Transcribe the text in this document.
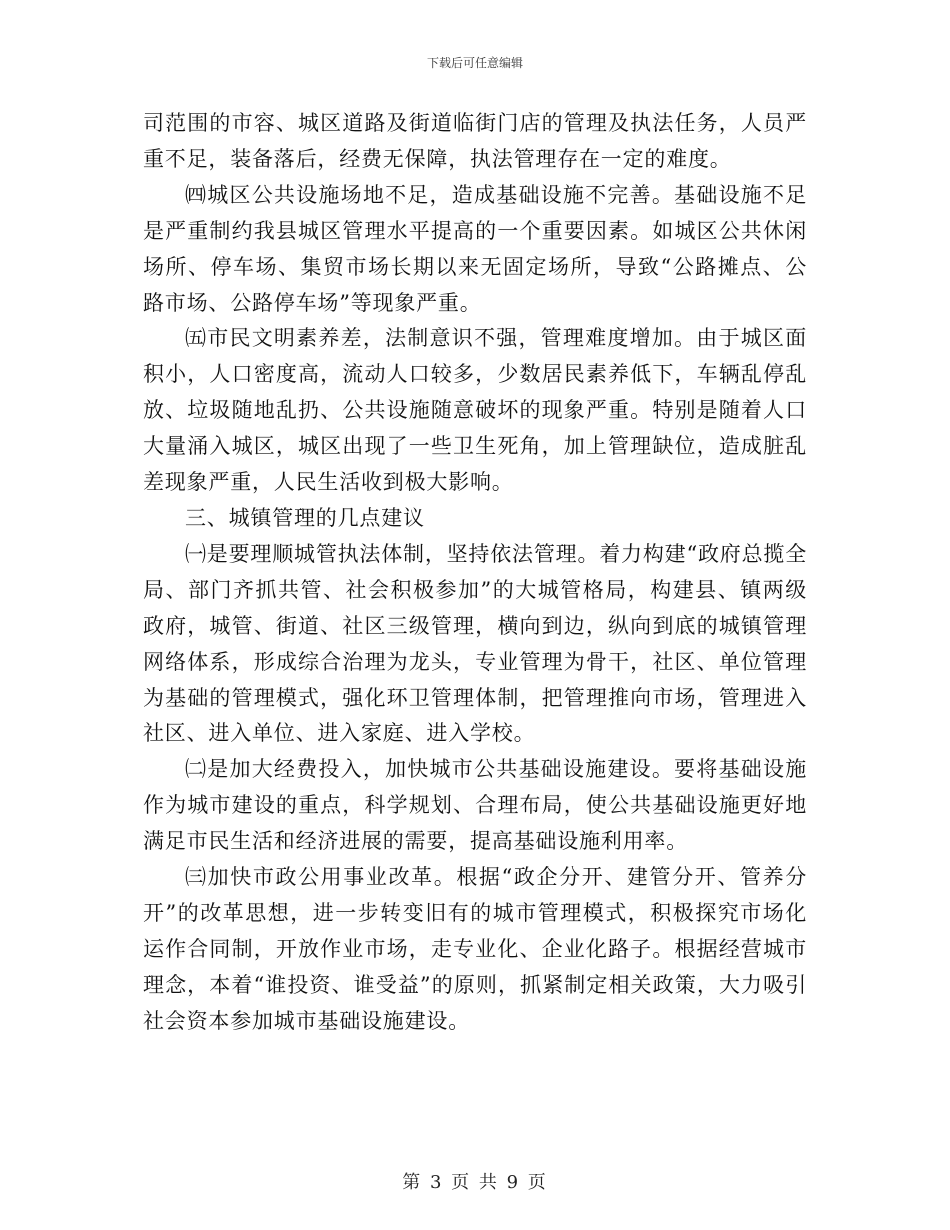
下载后可任意编辑

司范围的市容、城区道路及街道临街门店的管理及执法任务，人员严重不足，装备落后，经费无保障，执法管理存在一定的难度。

㈣城区公共设施场地不足，造成基础设施不完善。基础设施不足是严重制约我县城区管理水平提高的一个重要因素。如城区公共休闲场所、停车场、集贸市场长期以来无固定场所，导致“公路摊点、公路市场、公路停车场”等现象严重。

㈤市民文明素养差，法制意识不强，管理难度增加。由于城区面积小，人口密度高，流动人口较多，少数居民素养低下，车辆乱停乱放、垃圾随地乱扔、公共设施随意破坏的现象严重。特别是随着人口大量涌入城区，城区出现了一些卫生死角，加上管理缺位，造成脏乱差现象严重，人民生活收到极大影响。

三、城镇管理的几点建议

㈠是要理顺城管执法体制，坚持依法管理。着力构建“政府总揽全局、部门齐抓共管、社会积极参加”的大城管格局，构建县、镇两级政府，城管、街道、社区三级管理，横向到边，纵向到底的城镇管理网络体系，形成综合治理为龙头，专业管理为骨干，社区、单位管理为基础的管理模式，强化环卫管理体制，把管理推向市场，管理进入社区、进入单位、进入家庭、进入学校。

㈡是加大经费投入，加快城市公共基础设施建设。要将基础设施作为城市建设的重点，科学规划、合理布局，使公共基础设施更好地满足市民生活和经济进展的需要，提高基础设施利用率。

㈢加快市政公用事业改革。根据“政企分开、建管分开、管养分开”的改革思想，进一步转变旧有的城市管理模式，积极探究市场化运作合同制，开放作业市场，走专业化、企业化路子。根据经营城市理念，本着“谁投资、谁受益”的原则，抓紧制定相关政策，大力吸引社会资本参加城市基础设施建设。

第 3 页 共 9 页
